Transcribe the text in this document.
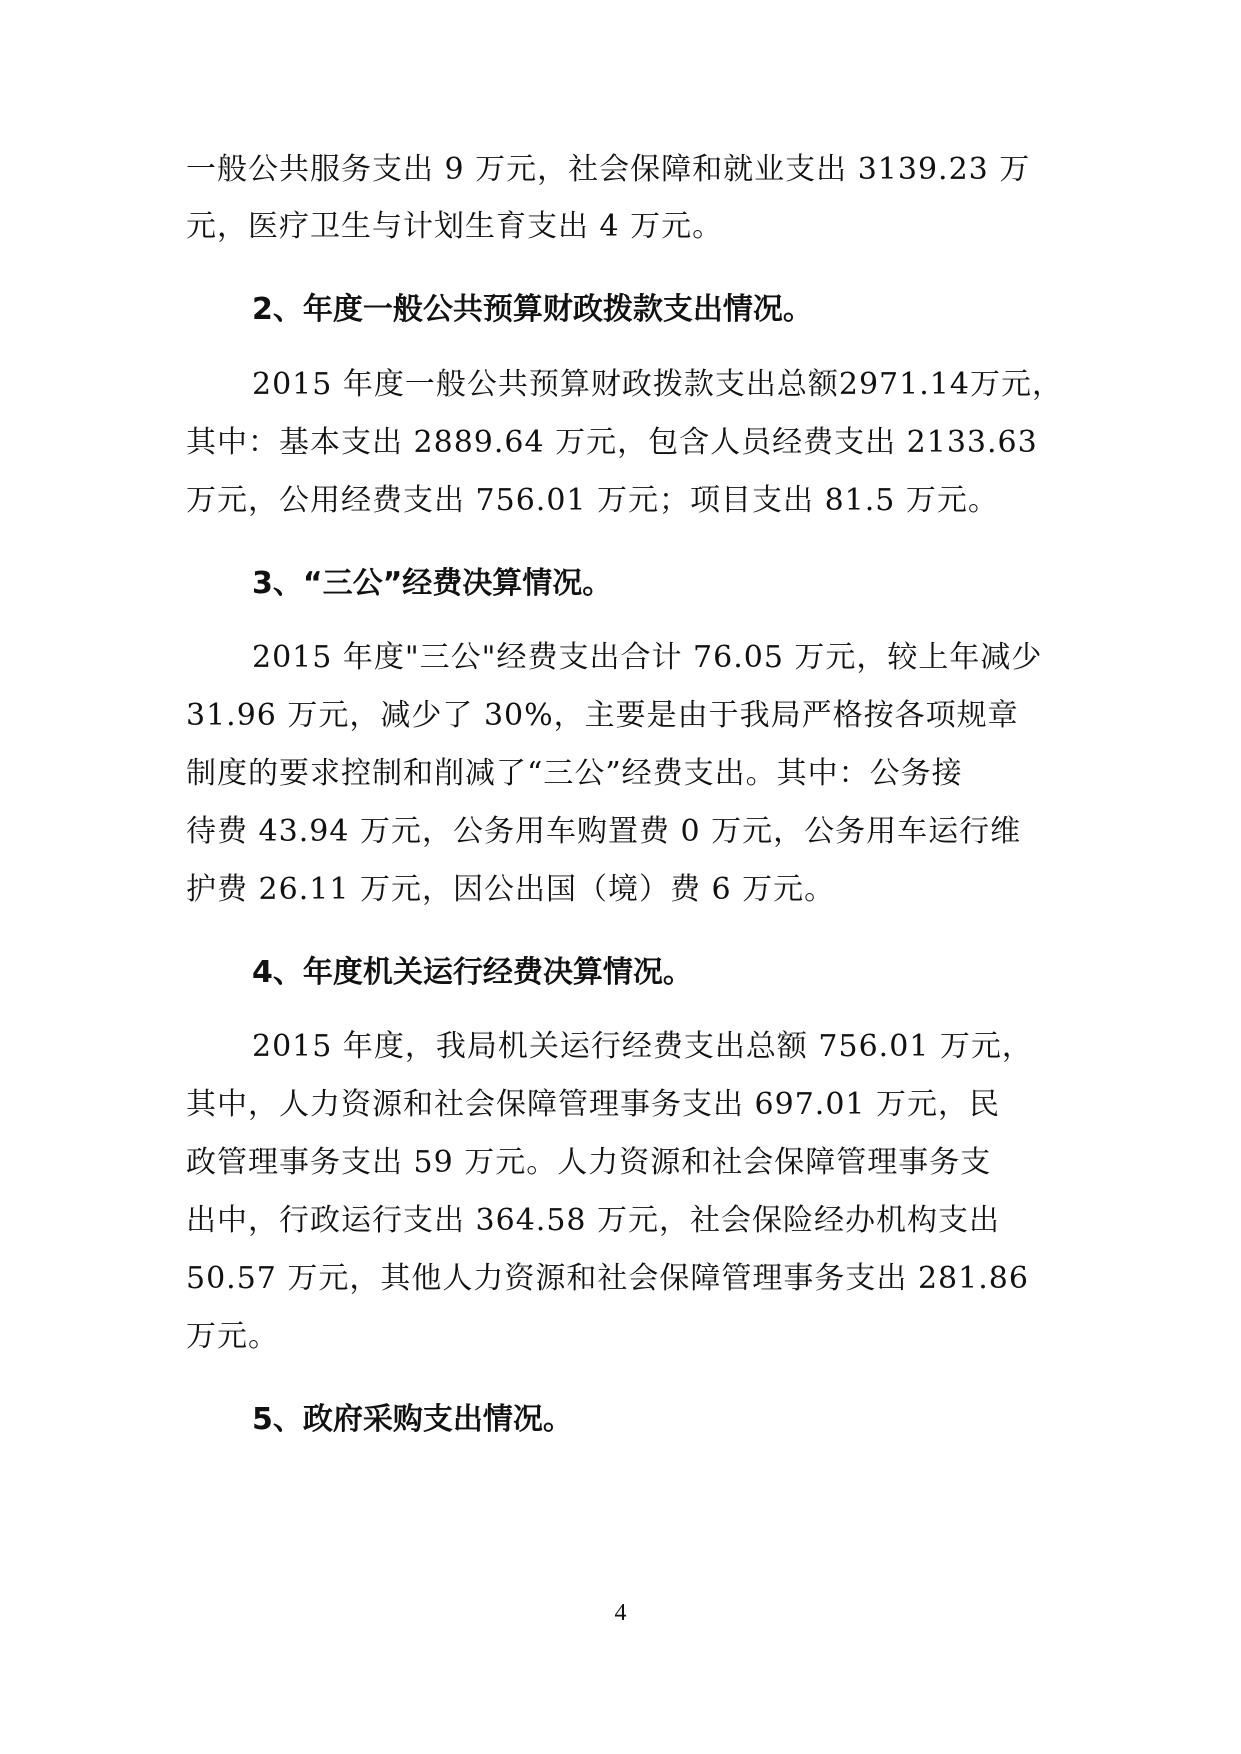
一般公共服务支出 9 万元，社会保障和就业支出 3139.23 万
元，医疗卫生与计划生育支出 4 万元。
2、年度一般公共预算财政拨款支出情况。
2015 年度一般公共预算财政拨款支出总额2971.14万元，
其中：基本支出 2889.64 万元，包含人员经费支出 2133.63
万元，公用经费支出 756.01 万元；项目支出 81.5 万元。
3、“三公”经费决算情况。
2015 年度"三公"经费支出合计 76.05 万元，较上年减少
31.96 万元，减少了 30%，主要是由于我局严格按各项规章
制度的要求控制和削减了“三公”经费支出。其中：公务接
待费 43.94 万元，公务用车购置费 0 万元，公务用车运行维
护费 26.11 万元，因公出国（境）费 6 万元。
4、年度机关运行经费决算情况。
2015 年度，我局机关运行经费支出总额 756.01 万元，
其中，人力资源和社会保障管理事务支出 697.01 万元，民
政管理事务支出 59 万元。人力资源和社会保障管理事务支
出中，行政运行支出 364.58 万元，社会保险经办机构支出
50.57 万元，其他人力资源和社会保障管理事务支出 281.86
万元。
5、政府采购支出情况。
4
